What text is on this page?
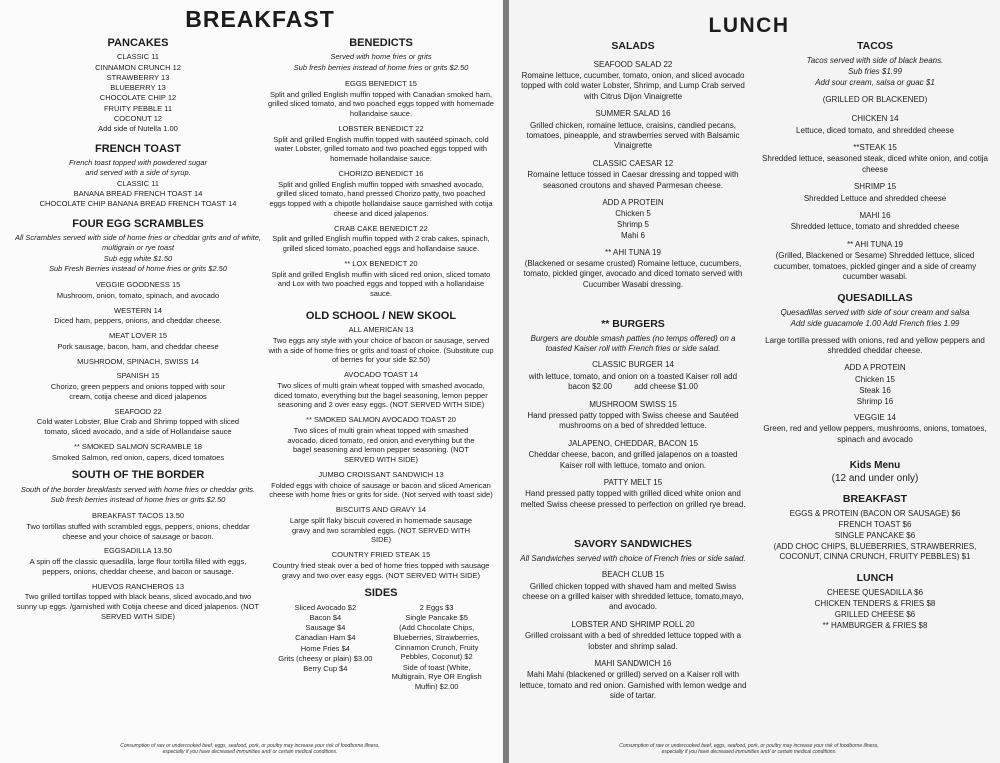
BREAKFAST
PANCAKES
CLASSIC 11
CINNAMON CRUNCH 12
STRAWBERRY 13
BLUEBERRY 13
CHOCOLATE CHIP 12
FRUITY PEBBLE 11
COCONUT 12
Add side of Nutella 1.00
FRENCH TOAST
French toast topped with powdered sugar and served with a side of syrup.
CLASSIC 11
BANANA BREAD FRENCH TOAST 14
CHOCOLATE CHIP BANANA BREAD FRENCH TOAST 14
FOUR EGG SCRAMBLES
All Scrambles served with side of home fries or cheddar grits and of white, multigrain or rye toast
Sub egg white $1.50
Sub Fresh Berries instead of home fries or grits $2.50
VEGGIE GOODNESS 15
Mushroom, onion, tomato, spinach, and avocado
WESTERN 14
Diced ham, peppers, onions, and cheddar cheese.
MEAT LOVER 15
Pork sausage, bacon, ham, and cheddar cheese
MUSHROOM, SPINACH, SWISS 14
SPANISH 15
Chorizo, green peppers and onions topped with sour cream, cotija cheese and diced jalapenos
SEAFOOD 22
Cold water Lobster, Blue Crab and Shrimp topped with sliced tomato, sliced avocado, and a side of Hollandaise sauce
** SMOKED SALMON SCRAMBLE 18
Smoked Salmon, red onion, capers, diced tomatoes
SOUTH OF THE BORDER
South of the border breakfasts served with home fries or cheddar grits.
Sub fresh berries instead of home fries or grits $2.50
BREAKFAST TACOS 13.50
Two tortillas stuffed with scrambled eggs, peppers, onions, cheddar cheese and your choice of sausage or bacon.
EGGSADILLA 13.50
A spin off the classic quesadilla, large flour tortilla filled with eggs, peppers, onions, cheddar cheese, and bacon or sausage.
HUEVOS RANCHEROS 13
Two grilled tortillas topped with black beans, sliced avocado,and two sunny up eggs. /garnished with Cotija cheese and diced jalapenos. (NOT SERVED WITH SIDE)
BENEDICTS
Served with home fries or grits
Sub fresh berries instead of home fries or grits $2.50
EGGS BENEDICT 15
Split and grilled English muffin topped with Canadian smoked ham, grilled sliced tomato, and two poached eggs topped with homemade hollandaise sauce.
LOBSTER BENEDICT 22
Split and grilled English muffin topped with sautéed spinach, cold water Lobster, grilled tomato and two poached eggs topped with homemade hollandaise sauce.
CHORIZO BENEDICT 16
Split and grilled English muffin topped with smashed avocado, grilled sliced tomato, hand pressed Chorizo patty, two poached eggs topped with a chipotle hollandaise sauce garnished with cotija cheese and diced jalapenos.
CRAB CAKE BENEDICT 22
Split and grilled English muffin topped with 2 crab cakes, spinach, grilled sliced tomato, poached eggs and hollandaise sauce.
** LOX BENEDICT 20
Split and grilled English muffin with sliced red onion, sliced tomato and Lox with two poached eggs and topped with a hollandaise sauce.
OLD SCHOOL / NEW SKOOL
ALL AMERICAN 13
Two eggs any style with your choice of bacon or sausage, served with a side of home fries or grits and toast of choice. (Substitute cup of berries for your side $2.50)
AVOCADO TOAST 14
Two slices of multi grain wheat topped with smashed avocado, diced tomato, everything but the bagel seasoning, lemon pepper seasoning and 2 over easy eggs. (NOT SERVED WITH SIDE)
** SMOKED SALMON AVOCADO TOAST 20
Two slices of multi grain wheat topped with smashed avocado, diced tomato, red onion and everything but the bagel seasoning and lemon pepper seasoning. (NOT SERVED WITH SIDE)
JUMBO CROISSANT SANDWICH 13
Folded eggs with choice of sausage or bacon and sliced American cheese with home fries or grits for side. (Not served with toast side)
BISCUITS AND GRAVY 14
Large split flaky biscuit covered in homemade sausage gravy and two scrambled eggs. (NOT SERVED WITH SIDE)
COUNTRY FRIED STEAK 15
Country fried steak over a bed of home fries topped with sausage gravy and two over easy eggs. (NOT SERVED WITH SIDE)
SIDES
Sliced Avocado $2
Bacon $4
Sausage $4
Canadian Ham $4
Home Fries $4
Grits (cheesy or plain) $3.00
Berry Cup $4
2 Eggs $3
Single Pancake $5
(Add Chocolate Chips, Blueberries, Strawberries, Cinnamon Crunch, Fruity Pebbles, Coconut) $2
Side of toast (White, Multigrain, Rye OR English Muffin) $2.00
Consumption of raw or undercooked beef, eggs, seafood, pork, or poultry may increase your risk of foodborne illness, especially if you have decreased immunities and/ or certain medical conditions.
LUNCH
SALADS
SEAFOOD SALAD 22
Romaine lettuce, cucumber, tomato, onion, and sliced avocado topped with cold water Lobster, Shrimp, and Lump Crab served with Citrus Dijon Vinaigrette
SUMMER SALAD 16
Grilled chicken, romaine lettuce, craisins, candied pecans, tomatoes, pineapple, and strawberries served with Balsamic Vinaigrette
CLASSIC CAESAR 12
Romaine lettuce tossed in Caesar dressing and topped with seasoned croutons and shaved Parmesan cheese.
ADD A PROTEIN
Chicken 5
Shrimp 5
Mahi 6
** AHI TUNA 19
(Blackened or sesame crusted) Romaine lettuce, cucumbers, tomato, pickled ginger, avocado and diced tomato served with Cucumber Wasabi dressing.
** BURGERS
Burgers are double smash patties (no temps offered) on a toasted Kaiser roll with French fries or side salad.
CLASSIC BURGER 14
with lettuce, tomato, and onion on a toasted Kaiser roll add bacon $2.00          add cheese $1.00
MUSHROOM SWISS 15
Hand pressed patty topped with Swiss cheese and Sautéed mushrooms on a bed of shredded lettuce.
JALAPENO, CHEDDAR, BACON 15
Cheddar cheese, bacon, and grilled jalapenos on a toasted Kaiser roll with lettuce, tomato and onion.
PATTY MELT 15
Hand pressed patty topped with grilled diced white onion and melted Swiss cheese pressed to perfection on grilled rye bread.
SAVORY SANDWICHES
All Sandwiches served with choice of French fries or side salad.
BEACH CLUB 15
Grilled chicken topped with shaved ham and melted Swiss cheese on a grilled kaiser with shredded lettuce, tomato,mayo, and avocado.
LOBSTER AND SHRIMP ROLL 20
Grilled croissant with a bed of shredded lettuce topped with a lobster and shrimp salad.
MAHI SANDWICH 16
Mahi Mahi (blackened or grilled) served on a Kaiser roll with lettuce, tomato and red onion. Garnished with lemon wedge and side of tartar.
TACOS
Tacos served with side of black beans.
Sub fries $1.99
Add sour cream, salsa or guac $1
(GRILLED OR BLACKENED)
CHICKEN 14
Lettuce, diced tomato, and shredded cheese
**STEAK 15
Shredded lettuce, seasoned steak, diced white onion, and cotija cheese
SHRIMP 15
Shredded Lettuce and shredded cheese
MAHI 16
Shredded lettuce, tomato and shredded cheese
** AHI TUNA 19
(Grilled, Blackened or Sesame) Shredded lettuce, sliced cucumber, tomatoes, pickled ginger and a side of creamy cucumber wasabi.
QUESADILLAS
Quesadillas served with side of sour cream and salsa
Add side guacamole 1.00 Add French fries 1.99
Large tortilla pressed with onions, red and yellow peppers and shredded cheddar cheese.
ADD A PROTEIN
Chicken 15
Steak 16
Shrimp 16
VEGGIE 14
Green, red and yellow peppers, mushrooms, onions, tomatoes, spinach and avocado
Kids Menu
(12 and under only)
BREAKFAST
EGGS & PROTEIN (BACON OR SAUSAGE) $6
FRENCH TOAST $6
SINGLE PANCAKE $6
(ADD CHOC CHIPS, BLUEBERRIES, STRAWBERRIES, COCONUT, CINNA CRUNCH, FRUITY PEBBLES) $1
LUNCH
CHEESE QUESADILLA $6
CHICKEN TENDERS & FRIES $8
GRILLED CHEESE $6
** HAMBURGER & FRIES $8
Consumption of raw or undercooked beef, eggs, seafood, pork, or poultry may increase your risk of foodborne illness, especially if you have decreased immunities and/ or certain medical conditions.
